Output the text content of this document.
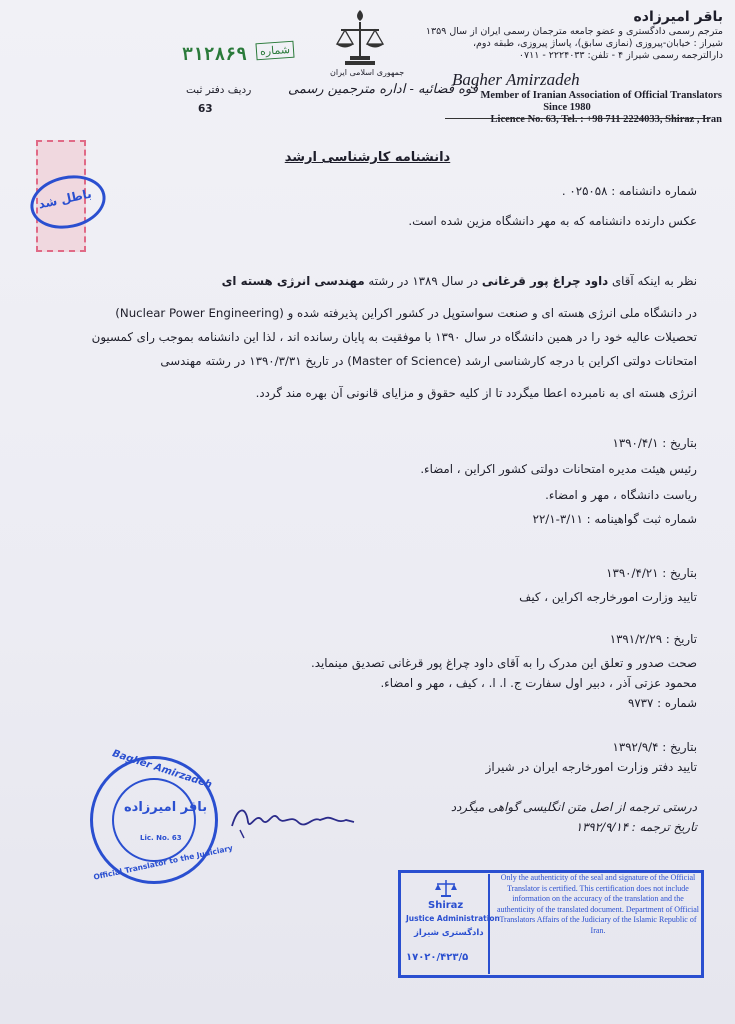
باقر امیرزاده
مترجم رسمی دادگستری و عضو جامعه مترجمان رسمی ایران از سال ۱۳۵۹
شیراز : خیابان-پیروزی (نمازی سابق)، پاساژ پیروزی، طبقه دوم،
دارالترجمه رسمی شیراز ۴ - تلفن: ۲۲۲۴۰۳۳ - ۰۷۱۱
Bagher Amirzadeh
Member of Iranian Association of Official Translators
Since 1980
Licence No. 63, Tel. : +98 711 2224033, Shiraz , Iran
جمهوری اسلامی ایران
قوه قضائیه - اداره مترجمین رسمی
۳۱۲۸۶۹	شماره
ردیف دفتر ثبت
63
باطل شد
دانشنامه کارشناسی ارشد
شماره دانشنامه : ۰۲۵۰۵۸ .
عکس دارنده دانشنامه که به مهر دانشگاه مزین شده است.
نظر به اینکه آقای داود چراغ پور قرغانی در سال ۱۳۸۹ در رشته مهندسی انرژی هسته ای
(Nuclear Power Engineering) در دانشگاه ملی انرژی هسته ای و صنعت سواستوپل در کشور اکراین پذیرفته شده و
تحصیلات عالیه خود را در همین دانشگاه در سال ۱۳۹۰ با موفقیت به پایان رسانده اند ، لذا این دانشنامه بموجب رای کمسیون
امتحانات دولتی اکراین با درجه کارشناسی ارشد (Master of Science) در تاریخ ۱۳۹۰/۳/۳۱ در رشته مهندسی
انرژی هسته ای به نامبرده اعطا میگردد تا از کلیه حقوق و مزایای قانونی آن بهره مند گردد.
بتاریخ : ۱۳۹۰/۴/۱
رئیس هیئت مدیره امتحانات دولتی کشور اکراین ، امضاء.
ریاست دانشگاه ، مهر و امضاء.
شماره ثبت گواهینامه : ۳/۱۱-۲۲/۱
بتاریخ : ۱۳۹۰/۴/۲۱
تایید وزارت امورخارجه اکراین ، کیف
تاریخ : ۱۳۹۱/۲/۲۹
صحت صدور و تعلق این مدرک را به آقای داود چراغ پور قرغانی تصدیق مینماید.
محمود عزتی آذر ، دبیر اول سفارت ج. ا. ا. ، کیف ، مهر و امضاء.
شماره : ۹۷۳۷
بتاریخ : ۱۳۹۲/۹/۴
تایید دفتر وزارت امورخارجه ایران در شیراز
درستی ترجمه از اصل متن انگلیسی گواهی میگردد
تاریخ ترجمه : ۱۳۹۲/۹/۱۴
Bagher Amirzadeh
باقر امیرزاده
Lic. No. 63
Official Translator to the Judiciary
Shiraz
Justice Administration
دادگستری شیراز
۱۷۰۲۰/۴۲۳/۵
Only the authenticity of the seal and signature of the Official Translator is certified. This certification does not include information on the accuracy of the translation and the authenticity of the translated document. Department of Official Translators Affairs of the Judiciary of the Islamic Republic of Iran.
